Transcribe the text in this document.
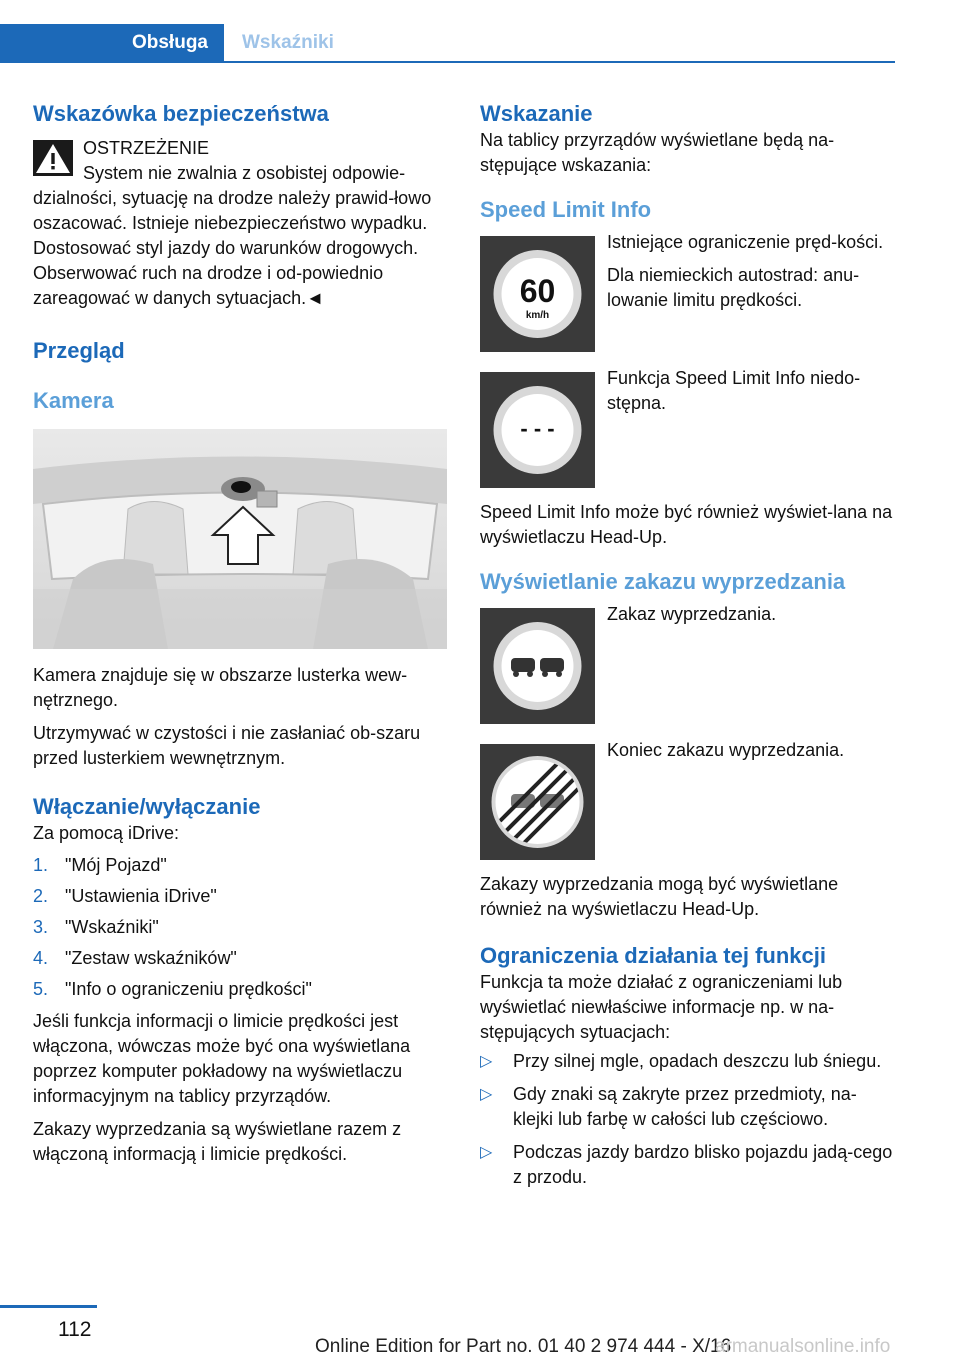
Obsługa	Wskaźniki
Wskazówka bezpieczeństwa
OSTRZEŻENIE

System nie zwalnia z osobistej odpowie-dzialności, sytuację na drodze należy prawid-łowo oszacować. Istnieje niebezpieczeństwo wypadku. Dostosować styl jazdy do warunków drogowych. Obserwować ruch na drodze i od-powiednio zareagować w danych sytuacjach.◄

Przegląd
Kamera

Kamera znajduje się w obszarze lusterka wew-nętrznego.

Utrzymywać w czystości i nie zasłaniać ob-szaru przed lusterkiem wewnętrznym.

Włączanie/wyłączanie

Za pomocą iDrive:

1. "Mój Pojazd"
2. "Ustawienia iDrive"
3. "Wskaźniki"
4. "Zestaw wskaźników"
5. "Info o ograniczeniu prędkości"

Jeśli funkcja informacji o limicie prędkości jest włączona, wówczas może być ona wyświetlana poprzez komputer pokładowy na wyświetlaczu informacyjnym na tablicy przyrządów.

Zakazy wyprzedzania są wyświetlane razem z włączoną informacją i limicie prędkości.

Wskazanie

Na tablicy przyrządów wyświetlane będą na-stępujące wskazania:

Speed Limit Info
60
km/h

Istniejące ograniczenie pręd-kości.

Dla niemieckich autostrad: anu-lowanie limitu prędkości.

- - -

Funkcja Speed Limit Info niedo-stępna.

Speed Limit Info może być również wyświet-lana na wyświetlaczu Head-Up.

Wyświetlanie zakazu wyprzedzania

Zakaz wyprzedzania.

Koniec zakazu wyprzedzania.

Zakazy wyprzedzania mogą być wyświetlane również na wyświetlaczu Head-Up.

Ograniczenia działania tej funkcji

Funkcja ta może działać z ograniczeniami lub wyświetlać niewłaściwe informacje np. w na-stępujących sytuacjach:

▷ Przy silnej mgle, opadach deszczu lub śniegu.
▷ Gdy znaki są zakryte przez przedmioty, na-klejki lub farbę w całości lub częściowo.
▷ Podczas jazdy bardzo blisko pojazdu jadą-cego z przodu.
112
Online Edition for Part no. 01 40 2 974 444 - X/16
armanualsonline.info
